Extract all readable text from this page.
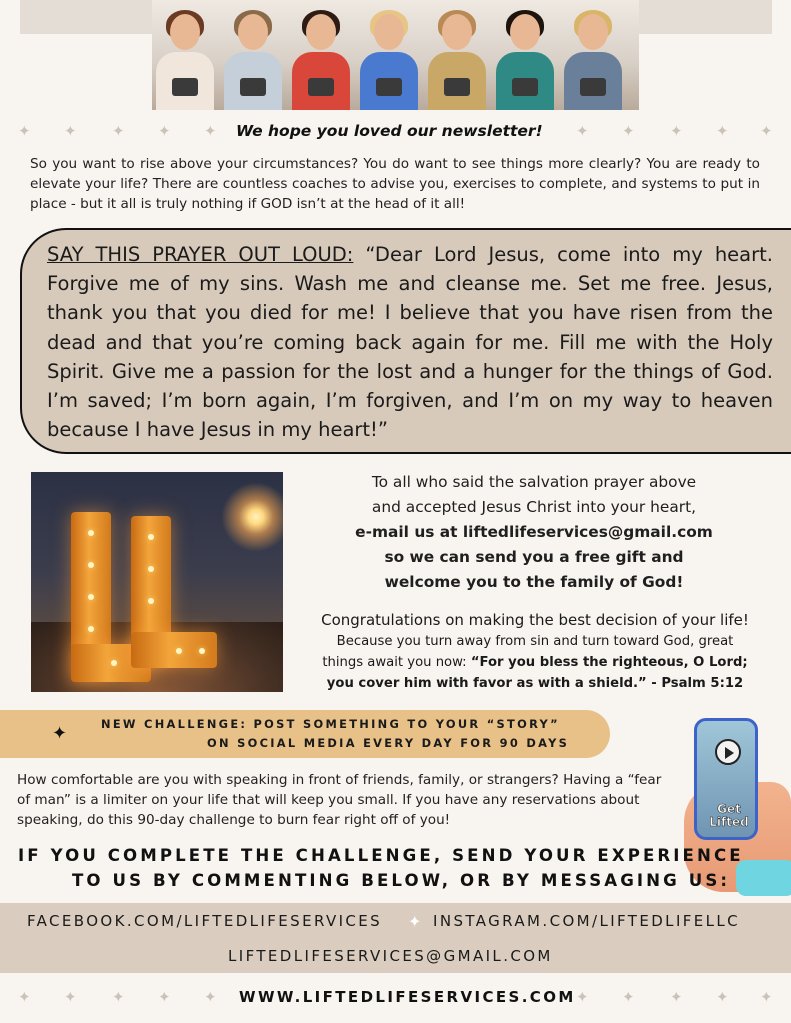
✦ ✦ ✦ ✦ ✦	✦ ✦ ✦ ✦ ✦
We hope you loved our newsletter!

So you want to rise above your circumstances? You do want to see things more clearly? You are ready to elevate your life? There are countless coaches to advise you, exercises to complete, and systems to put in place - but it all is truly nothing if GOD isn’t at the head of it all!

SAY THIS PRAYER OUT LOUD: “Dear Lord Jesus, come into my heart. Forgive me of my sins. Wash me and cleanse me. Set me free. Jesus, thank you that you died for me! I believe that you have risen from the dead and that you’re coming back again for me. Fill me with the Holy Spirit. Give me a passion for the lost and a hunger for the things of God. I’m saved; I’m born again, I’m forgiven, and I’m on my way to heaven because I have Jesus in my heart!”

To all who said the salvation prayer above
and accepted Jesus Christ into your heart,
e-mail us at liftedlifeservices@gmail.com
so we can send you a free gift and
welcome you to the family of God!
Congratulations on making the best decision of your life!
Because you turn away from sin and turn toward God, great
things await you now: “For you bless the righteous, O Lord;
you cover him with favor as with a shield.” - Psalm 5:12
✦	NEW CHALLENGE: POST SOMETHING TO YOUR “STORY”
ON SOCIAL MEDIA EVERY DAY FOR 90 DAYS
Get Lifted

How comfortable are you with speaking in front of friends, family, or strangers? Having a “fear of man” is a limiter on your life that will keep you small. If you have any reservations about speaking, do this 90-day challenge to burn fear right off of you!

IF YOU COMPLETE THE CHALLENGE, SEND YOUR EXPERIENCE
TO US BY COMMENTING BELOW, OR BY MESSAGING US:
FACEBOOK.COM/LIFTEDLIFESERVICES ✦ INSTAGRAM.COM/LIFTEDLIFELLC
LIFTEDLIFESERVICES@GMAIL.COM
✦ ✦ ✦ ✦ ✦	✦ ✦ ✦ ✦ ✦
WWW.LIFTEDLIFESERVICES.COM
